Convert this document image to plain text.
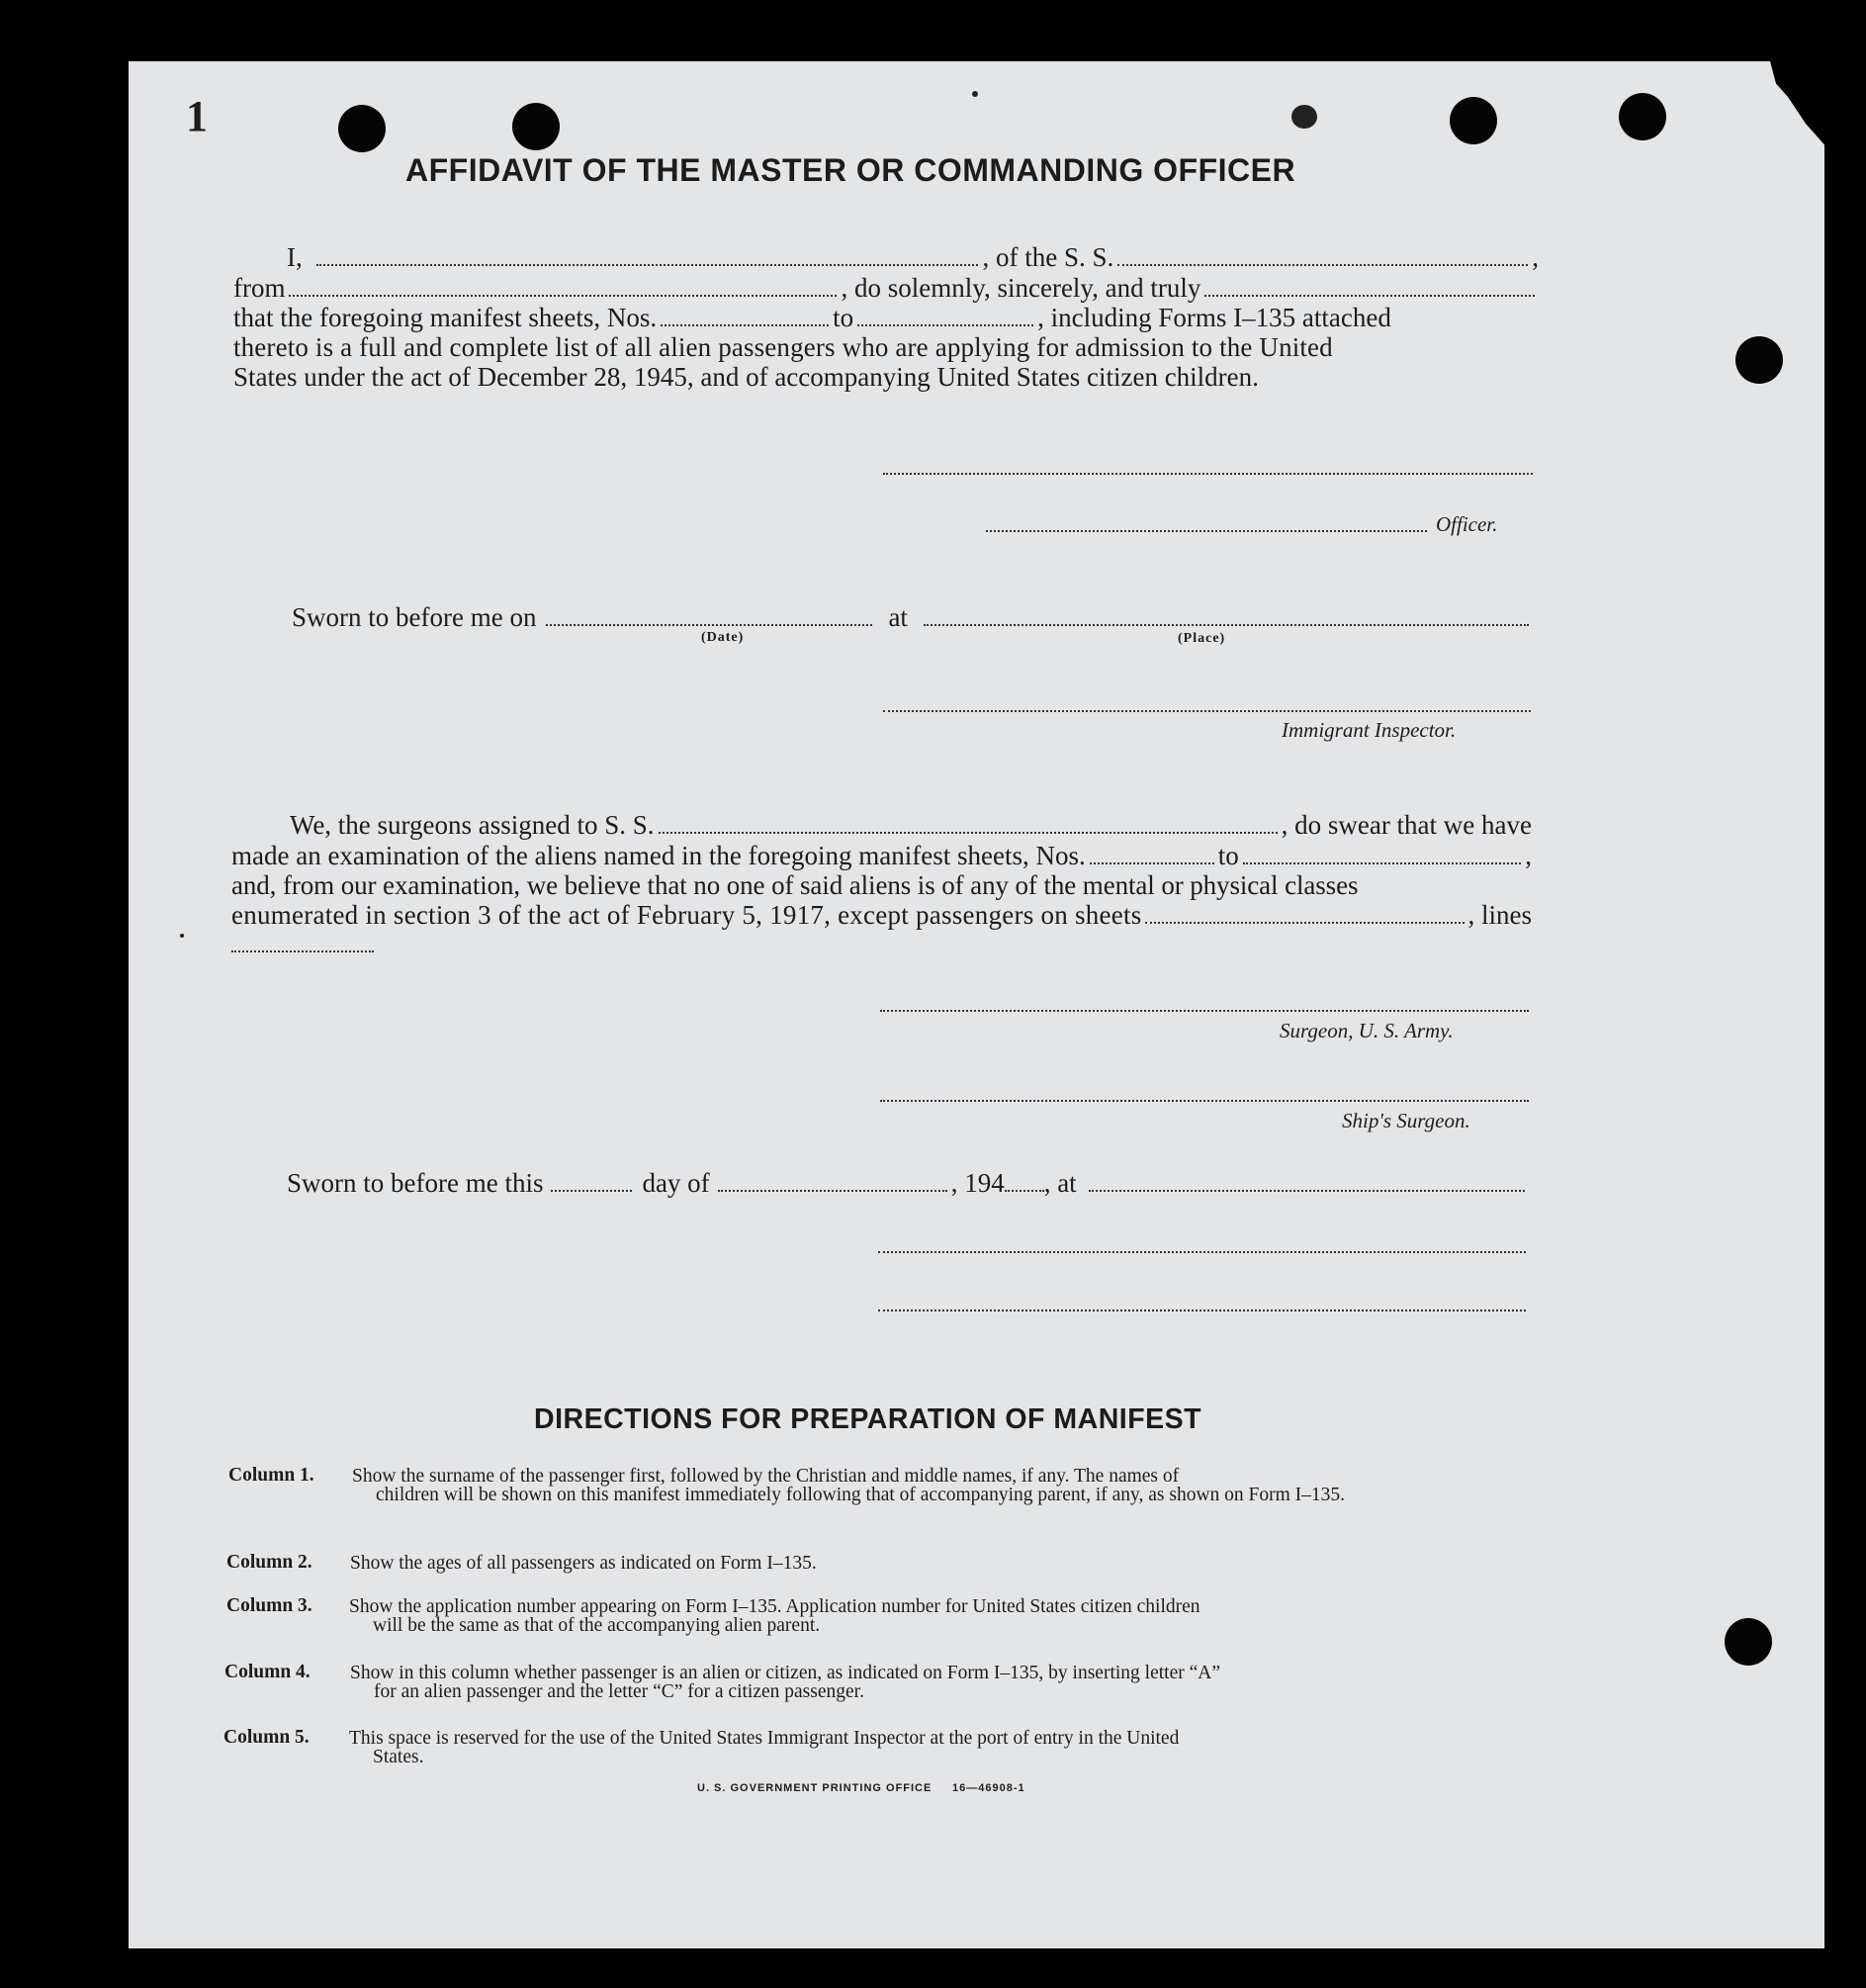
1
AFFIDAVIT OF THE MASTER OR COMMANDING OFFICER
I,	, of the S. S.	,
from	, do solemnly, sincerely, and truly
that the foregoing manifest sheets, Nos.	to	, including Forms I–135 attached
thereto is a full and complete list of all alien passengers who are applying for admission to the United
States under the act of December 28, 1945, and of accompanying United States citizen children.
Officer.
Sworn to before me on	at
(Date)	(Place)
Immigrant Inspector.
We, the surgeons assigned to S. S.	, do swear that we have
made an examination of the aliens named in the foregoing manifest sheets, Nos.	to	,
and, from our examination, we believe that no one of said aliens is of any of the mental or physical classes
enumerated in section 3 of the act of February 5, 1917, except passengers on sheets	, lines
Surgeon, U. S. Army.
Ship's Surgeon.
Sworn to before me this	day of	, 194 , at
DIRECTIONS FOR PREPARATION OF MANIFEST
Column 1. Show the surname of the passenger first, followed by the Christian and middle names, if any. The names of
children will be shown on this manifest immediately following that of accompanying parent, if any, as shown on Form I–135.
Column 2. Show the ages of all passengers as indicated on Form I–135.
Column 3. Show the application number appearing on Form I–135. Application number for United States citizen children
will be the same as that of the accompanying alien parent.
Column 4. Show in this column whether passenger is an alien or citizen, as indicated on Form I–135, by inserting letter “A”
for an alien passenger and the letter “C” for a citizen passenger.
Column 5. This space is reserved for the use of the United States Immigrant Inspector at the port of entry in the United
States.
U. S. GOVERNMENT PRINTING OFFICE 16—46908-1
